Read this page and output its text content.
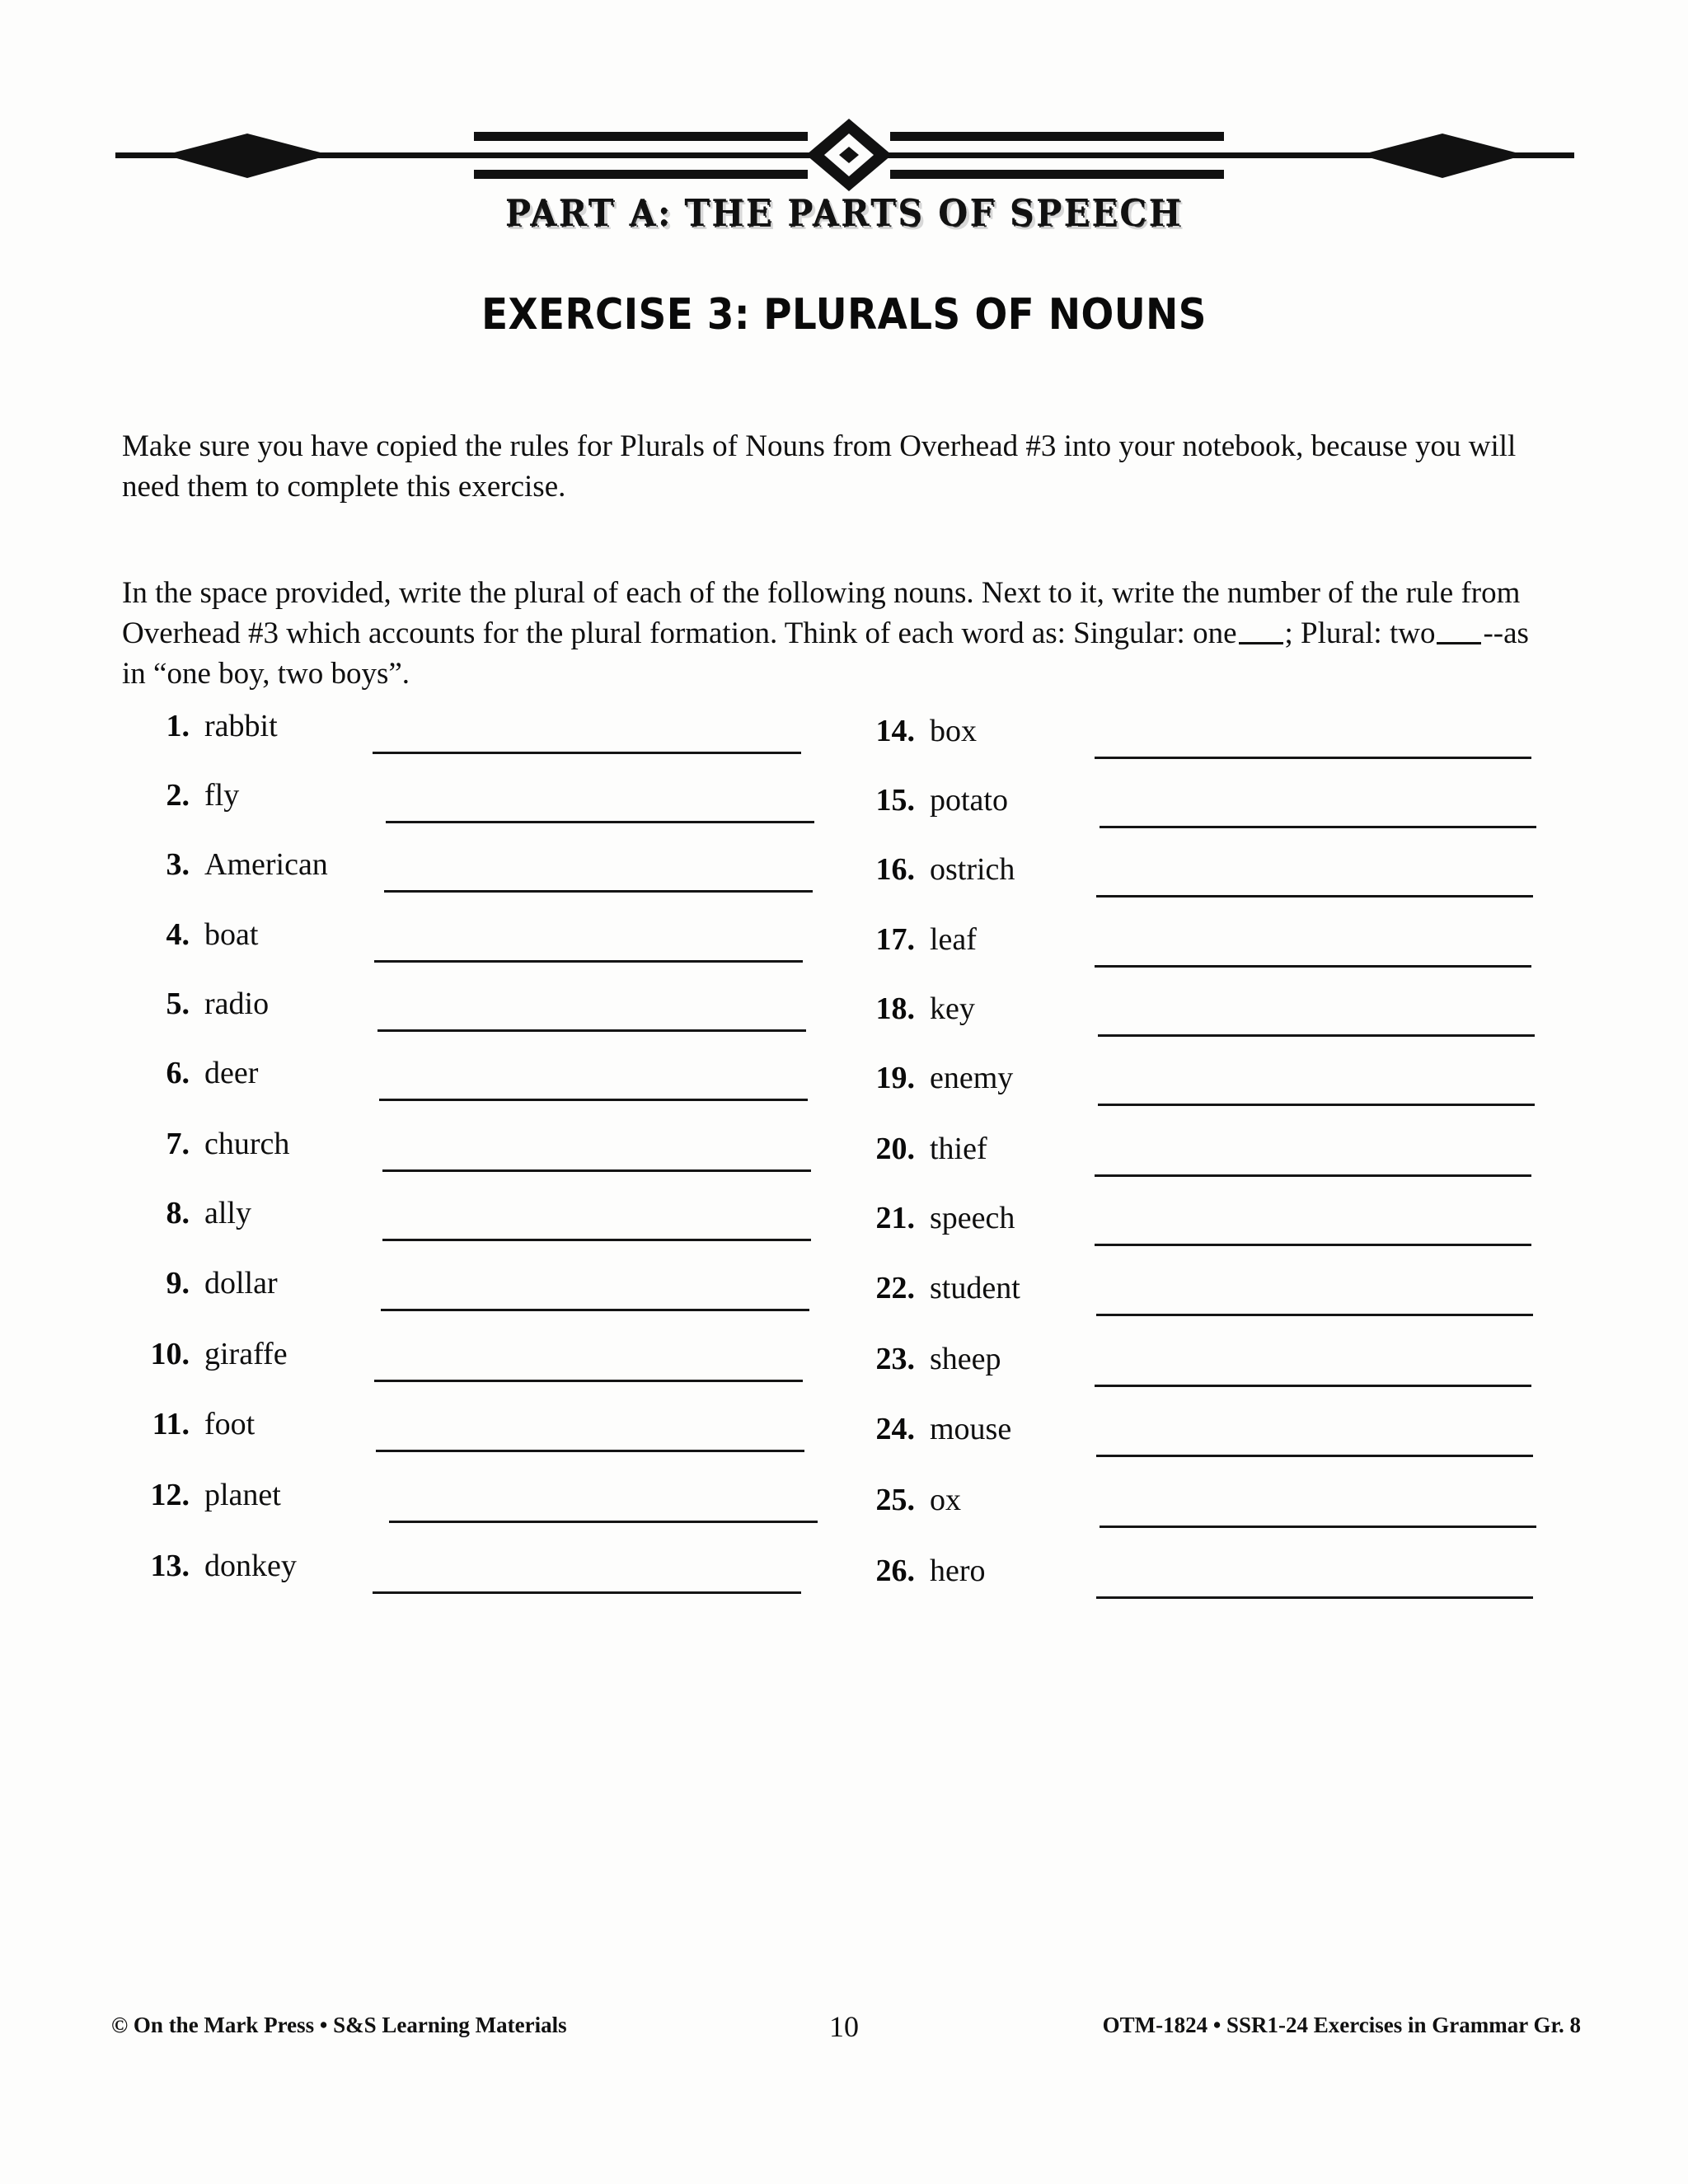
PART A: THE PARTS OF SPEECH
EXERCISE 3: PLURALS OF NOUNS

Make sure you have copied the rules for Plurals of Nouns from Overhead #3 into your notebook, because you will need them to complete this exercise.

In the space provided, write the plural of each of the following nouns. Next to it, write the number of the rule from Overhead #3 which accounts for the plural formation. Think of each word as: Singular: one ; Plural: two --as in “one boy, two boys”.

1. rabbit
2. fly
3. American
4. boat
5. radio
6. deer
7. church
8. ally
9. dollar
10. giraffe
11. foot
12. planet
13. donkey
14. box
15. potato
16. ostrich
17. leaf
18. key
19. enemy
20. thief
21. speech
22. student
23. sheep
24. mouse
25. ox
26. hero
© On the Mark Press • S&S Learning Materials	10	OTM-1824 • SSR1-24 Exercises in Grammar Gr. 8
